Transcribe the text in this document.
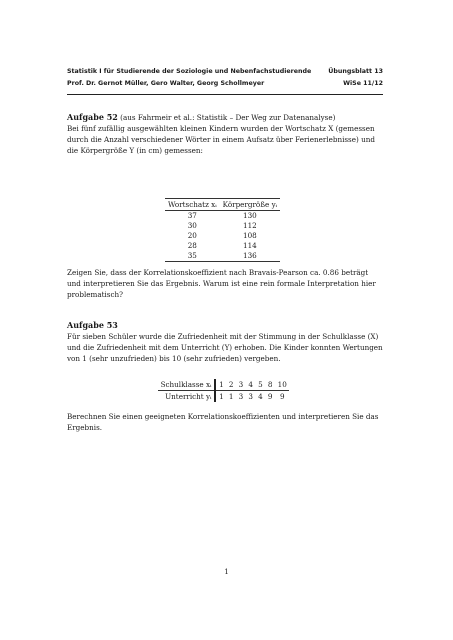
Statistik I für Studierende der Soziologie und Nebenfachstudierende	Übungsblatt 13
Prof. Dr. Gernot Müller, Gero Walter, Georg Schollmeyer	WiSe 11/12

Aufgabe 52 (aus Fahrmeir et al.: Statistik – Der Weg zur Datenanalyse)

Bei fünf zufällig ausgewählten kleinen Kindern wurden der Wortschatz X (gemessen durch die Anzahl verschiedener Wörter in einem Aufsatz über Ferienerlebnisse) und die Körpergröße Y (in cm) gemessen:

Wortschatz xᵢ	Körpergröße yᵢ
37	130
30	112
20	108
28	114
35	136

Zeigen Sie, dass der Korrelationskoeffizient nach Bravais-Pearson ca. 0.86 beträgt und interpretieren Sie das Ergebnis. Warum ist eine rein formale Interpretation hier problematisch?

Aufgabe 53

Für sieben Schüler wurde die Zufriedenheit mit der Stimmung in der Schulklasse (X) und die Zufriedenheit mit dem Unterricht (Y) erhoben. Die Kinder konnten Wertungen von 1 (sehr unzufrieden) bis 10 (sehr zufrieden) vergeben.

Schulklasse xᵢ	1	2	3	4	5	8	10
Unterricht yᵢ	1	1	3	3	4	9	9

Berechnen Sie einen geeigneten Korrelationskoeffizienten und interpretieren Sie das Ergebnis.

1
